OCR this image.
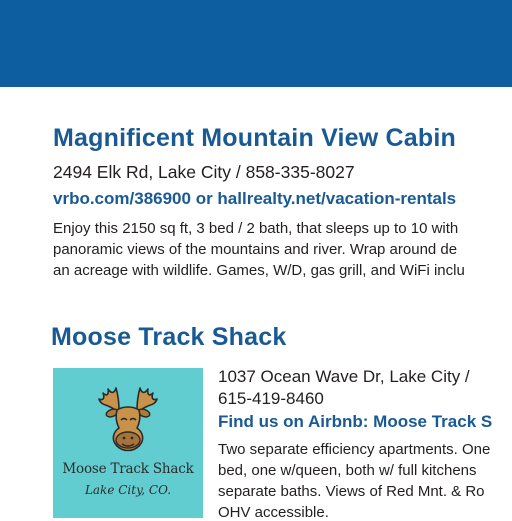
Magnificent Mountain View Cabin

2494 Elk Rd, Lake City / 858-335-8027

vrbo.com/386900 or hallrealty.net/vacation-rentals

Enjoy this 2150 sq ft, 3 bed / 2 bath, that sleeps up to 10 with

panoramic views of the mountains and river. Wrap around de

an acreage with wildlife. Games, W/D, gas grill, and WiFi inclu

Moose Track Shack
Moose Track Shack
Lake City, CO.

1037 Ocean Wave Dr, Lake City /

615-419-8460

Find us on Airbnb: Moose Track S

Two separate efficiency apartments. One

bed, one w/queen, both w/ full kitchens

separate baths. Views of Red Mnt. & Ro

OHV accessible.
